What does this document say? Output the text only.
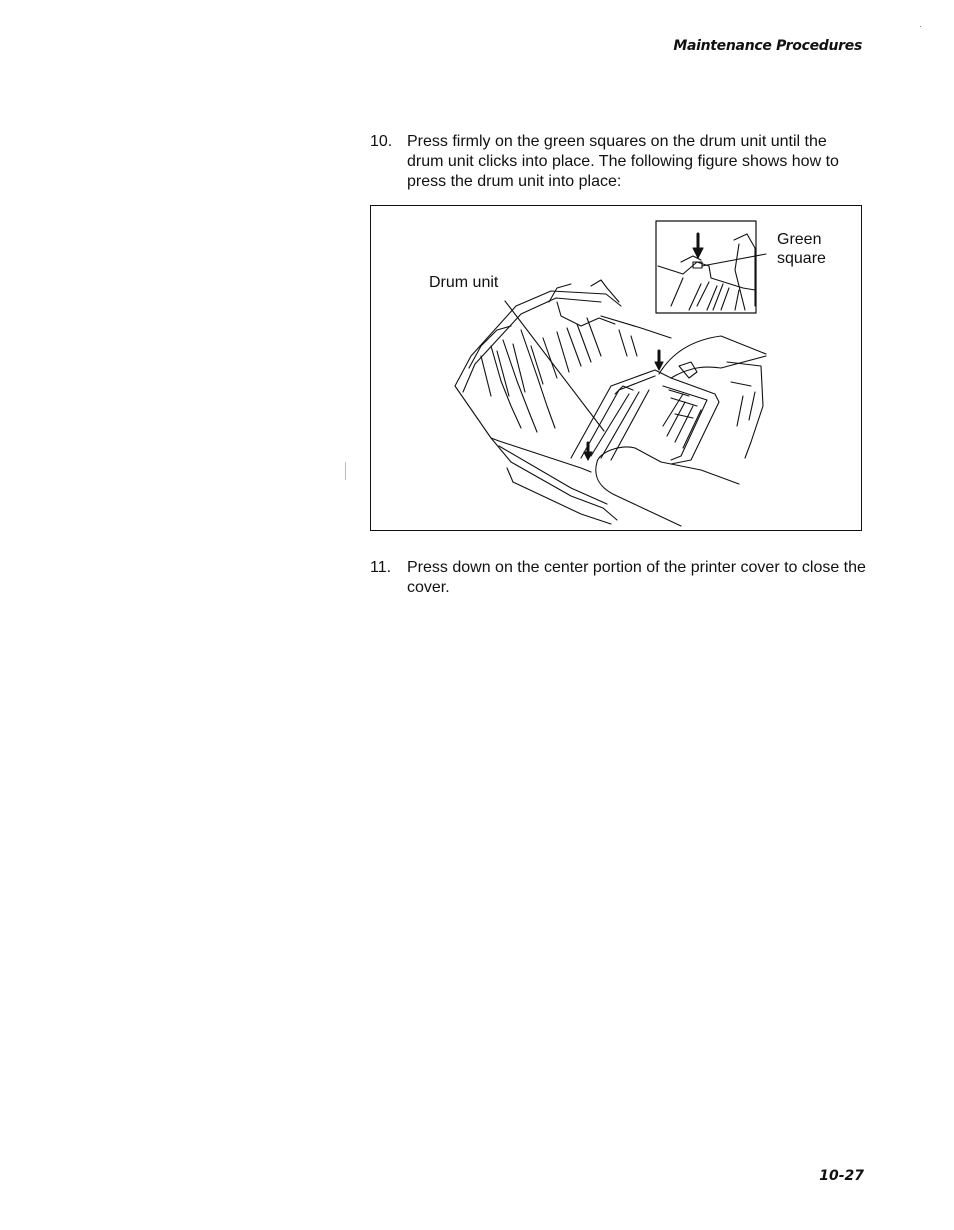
Maintenance Procedures
10. Press firmly on the green squares on the drum unit until the drum unit clicks into place. The following figure shows how to press the drum unit into place:
Drum unit
Green square
11. Press down on the center portion of the printer cover to close the cover.
10-27
